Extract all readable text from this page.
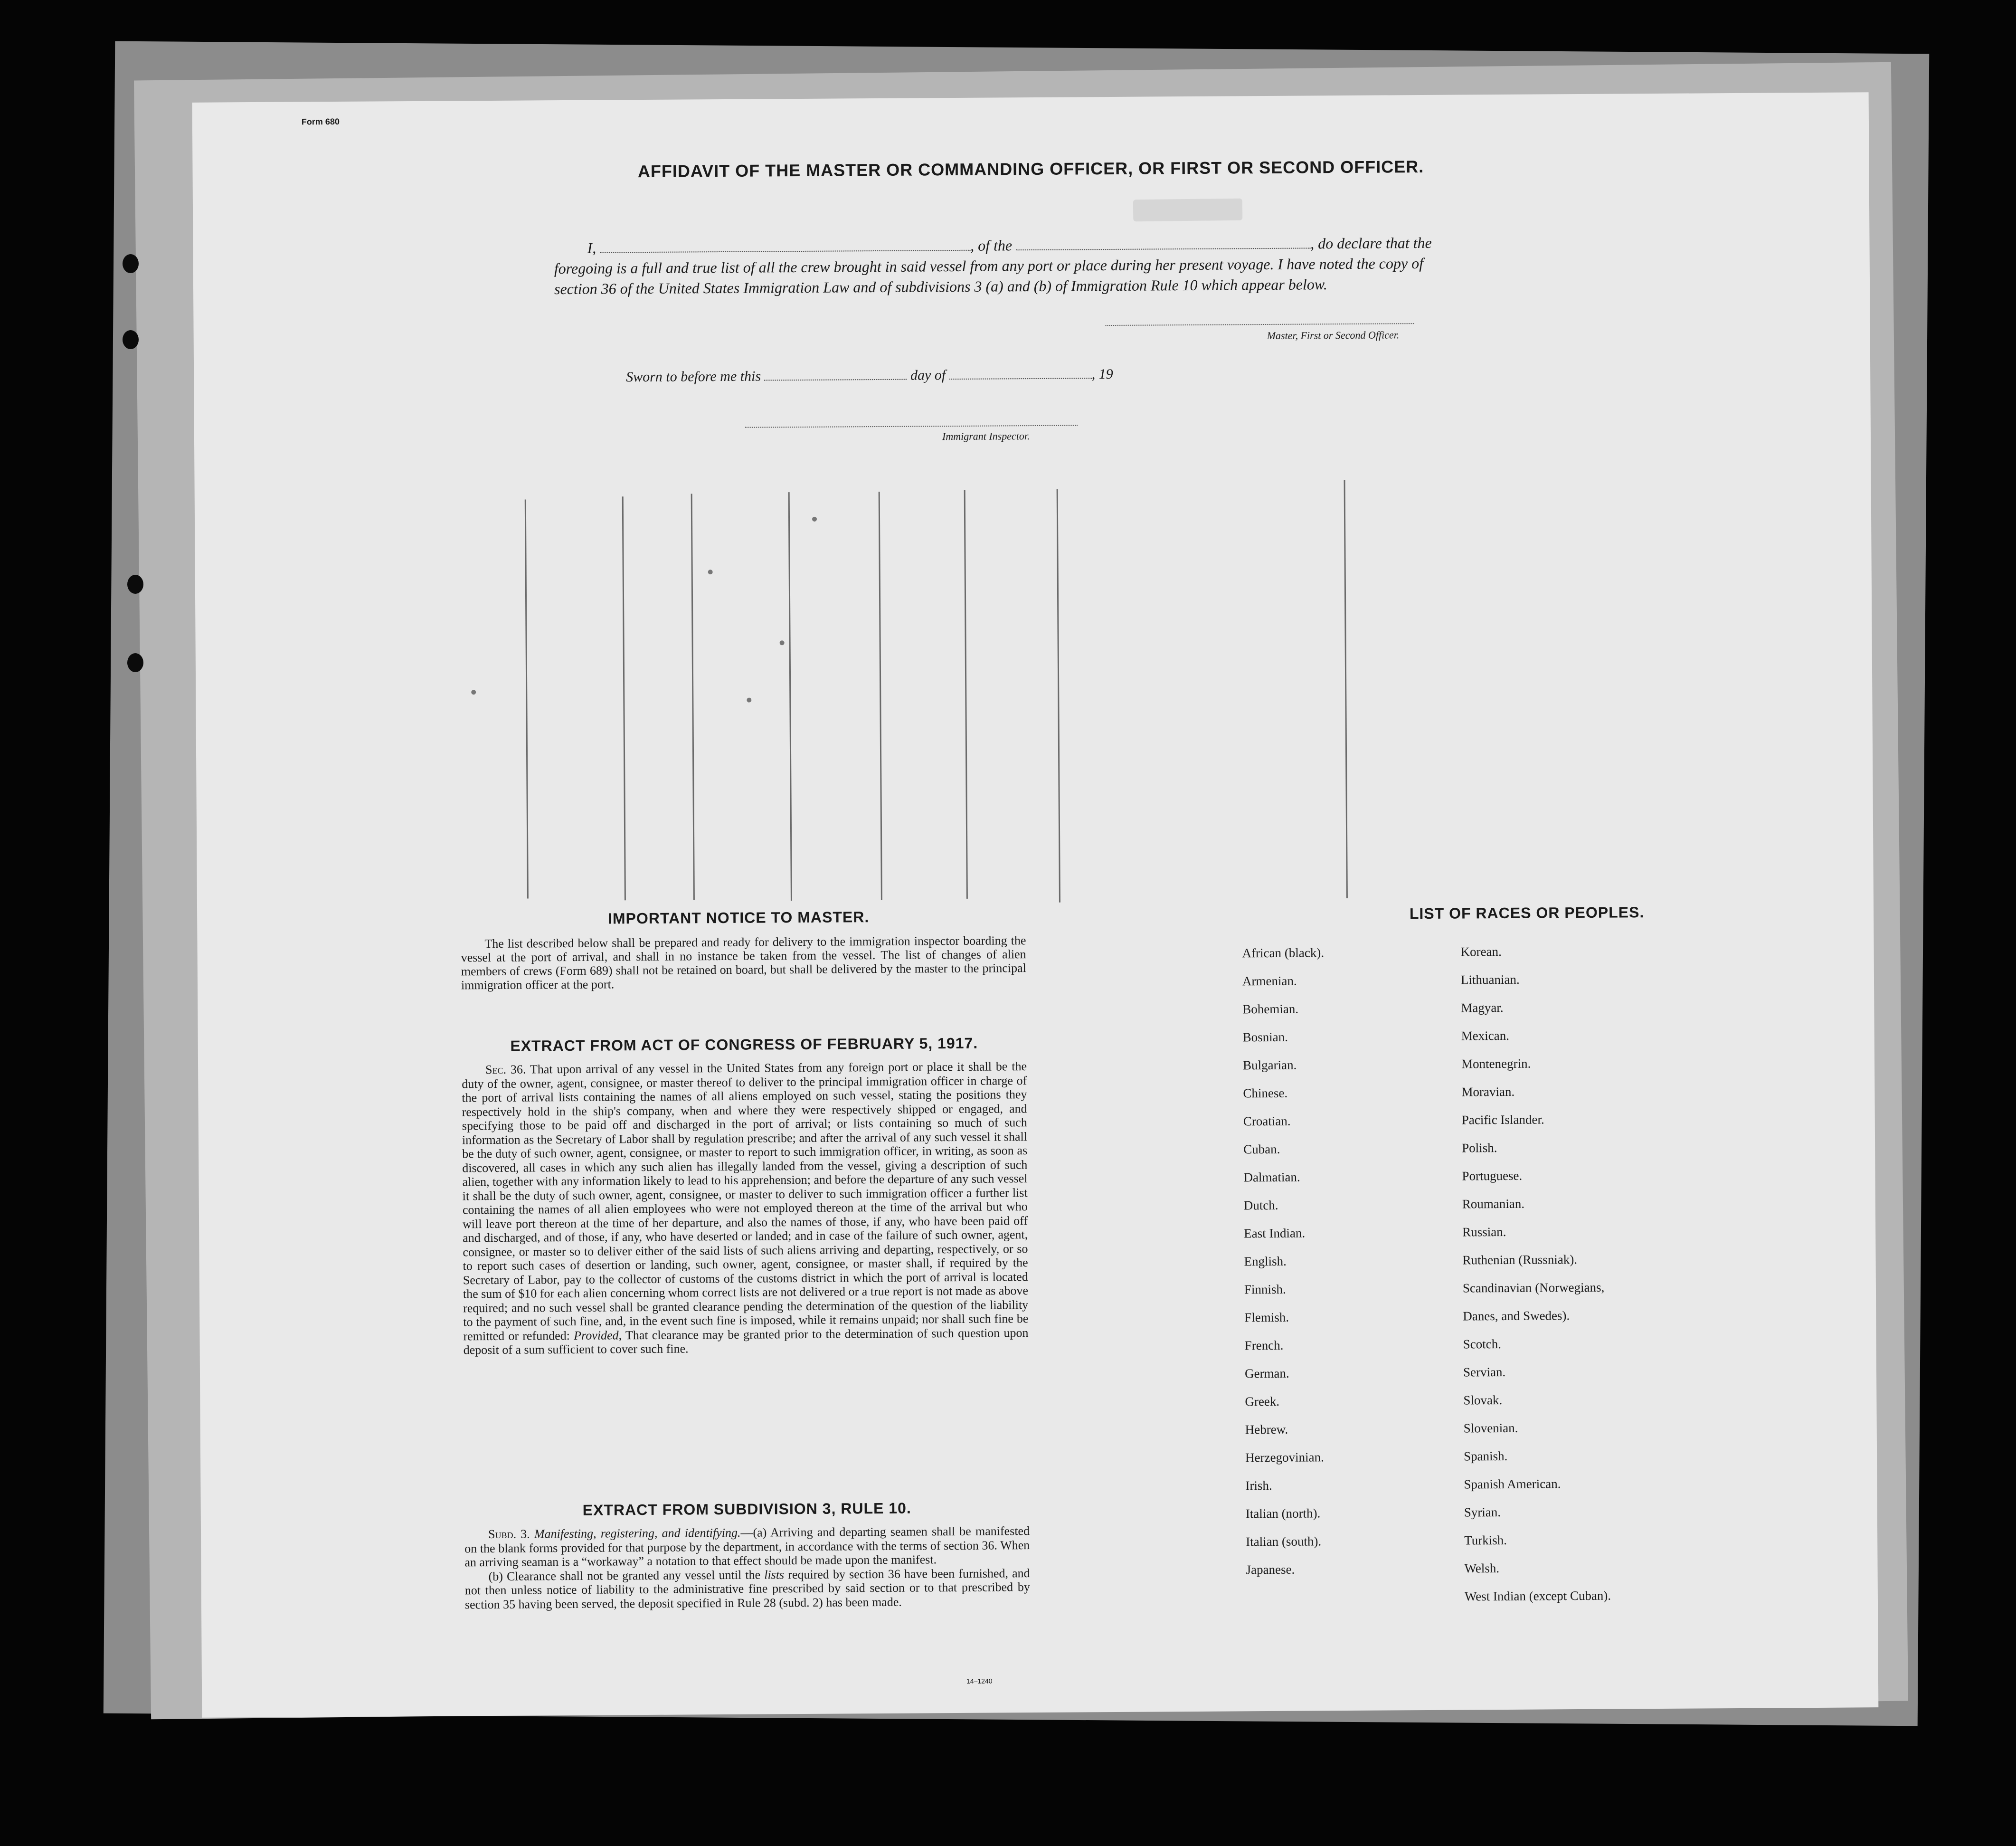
Form 680
AFFIDAVIT OF THE MASTER OR COMMANDING OFFICER, OR FIRST OR SECOND OFFICER.
I,	, of the	, do declare that the foregoing is a full and true list of all the crew brought in said vessel from any port or place during her present voyage. I have noted the copy of section 36 of the United States Immigration Law and of subdivisions 3 (a) and (b) of Immigration Rule 10 which appear below.
Master, First or Second Officer.
Sworn to before me this	day of	, 19
Immigrant Inspector.
IMPORTANT NOTICE TO MASTER.
The list described below shall be prepared and ready for delivery to the immigration inspector boarding the vessel at the port of arrival, and shall in no instance be taken from the vessel. The list of changes of alien members of crews (Form 689) shall not be retained on board, but shall be delivered by the master to the principal immigration officer at the port.
EXTRACT FROM ACT OF CONGRESS OF FEBRUARY 5, 1917.
Sec. 36. That upon arrival of any vessel in the United States from any foreign port or place it shall be the duty of the owner, agent, consignee, or master thereof to deliver to the principal immigration officer in charge of the port of arrival lists containing the names of all aliens employed on such vessel, stating the positions they respectively hold in the ship's company, when and where they were respectively shipped or engaged, and specifying those to be paid off and discharged in the port of arrival; or lists containing so much of such information as the Secretary of Labor shall by regulation prescribe; and after the arrival of any such vessel it shall be the duty of such owner, agent, consignee, or master to report to such immigration officer, in writing, as soon as discovered, all cases in which any such alien has illegally landed from the vessel, giving a description of such alien, together with any information likely to lead to his apprehension; and before the departure of any such vessel it shall be the duty of such owner, agent, consignee, or master to deliver to such immigration officer a further list containing the names of all alien employees who were not employed thereon at the time of the arrival but who will leave port thereon at the time of her departure, and also the names of those, if any, who have been paid off and discharged, and of those, if any, who have deserted or landed; and in case of the failure of such owner, agent, consignee, or master so to deliver either of the said lists of such aliens arriving and departing, respectively, or so to report such cases of desertion or landing, such owner, agent, consignee, or master shall, if required by the Secretary of Labor, pay to the collector of customs of the customs district in which the port of arrival is located the sum of $10 for each alien concerning whom correct lists are not delivered or a true report is not made as above required; and no such vessel shall be granted clearance pending the determination of the question of the liability to the payment of such fine, and, in the event such fine is imposed, while it remains unpaid; nor shall such fine be remitted or refunded: Provided, That clearance may be granted prior to the determination of such question upon deposit of a sum sufficient to cover such fine.
EXTRACT FROM SUBDIVISION 3, RULE 10.

Subd. 3. Manifesting, registering, and identifying.—(a) Arriving and departing seamen shall be manifested on the blank forms provided for that purpose by the department, in accordance with the terms of section 36. When an arriving seaman is a “workaway” a notation to that effect should be made upon the manifest.

(b) Clearance shall not be granted any vessel until the lists required by section 36 have been furnished, and not then unless notice of liability to the administrative fine prescribed by said section or to that prescribed by section 35 having been served, the deposit specified in Rule 28 (subd. 2) has been made.

14–1240
LIST OF RACES OR PEOPLES.
African (black).
Armenian.
Bohemian.
Bosnian.
Bulgarian.
Chinese.
Croatian.
Cuban.
Dalmatian.
Dutch.
East Indian.
English.
Finnish.
Flemish.
French.
German.
Greek.
Hebrew.
Herzegovinian.
Irish.
Italian (north).
Italian (south).
Japanese.
Korean.
Lithuanian.
Magyar.
Mexican.
Montenegrin.
Moravian.
Pacific Islander.
Polish.
Portuguese.
Roumanian.
Russian.
Ruthenian (Russniak).
Scandinavian (Norwegians,
Danes, and Swedes).
Scotch.
Servian.
Slovak.
Slovenian.
Spanish.
Spanish American.
Syrian.
Turkish.
Welsh.
West Indian (except Cuban).
